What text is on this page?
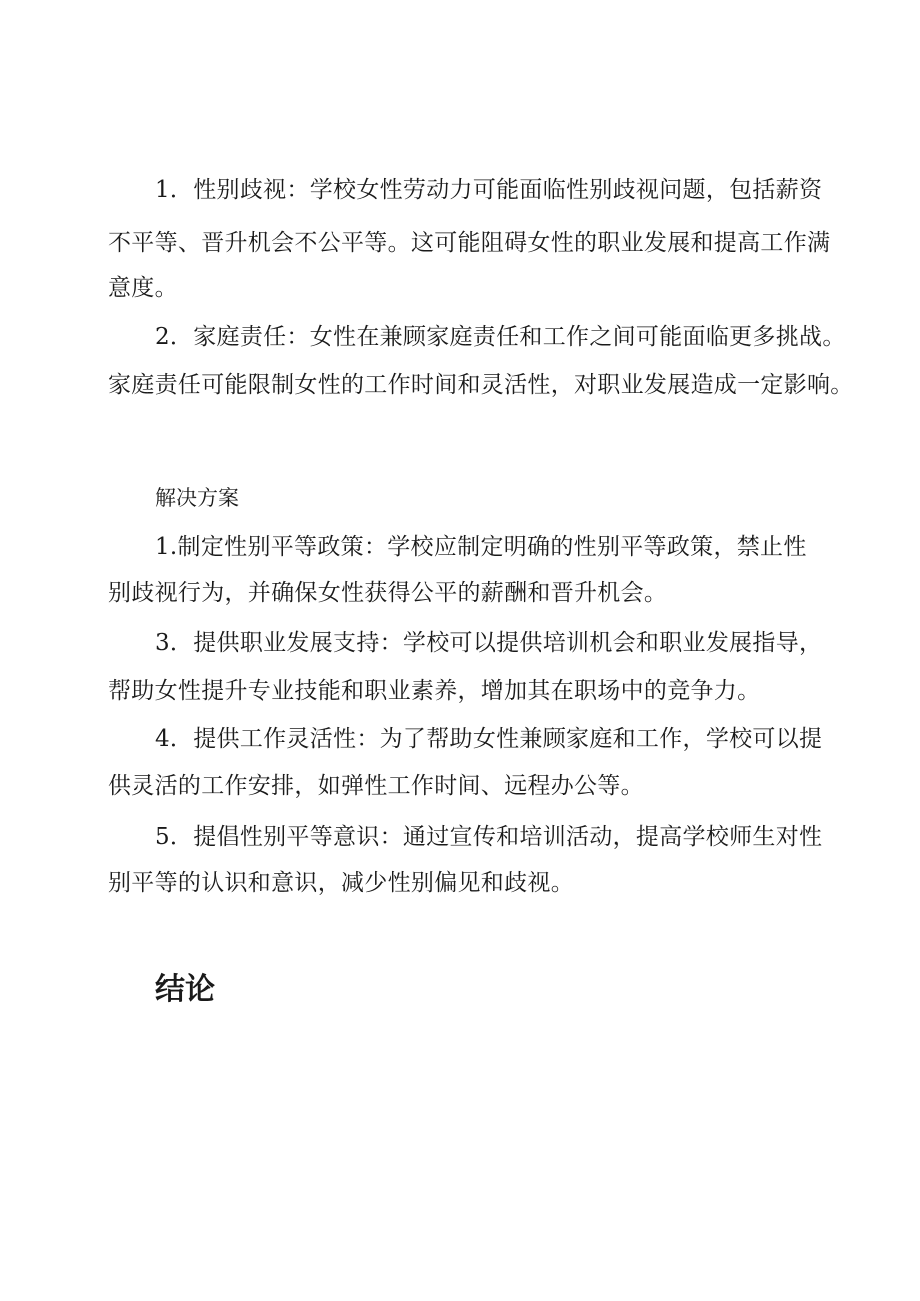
1．性别歧视：学校女性劳动力可能面临性别歧视问题，包括薪资
不平等、晋升机会不公平等。这可能阻碍女性的职业发展和提高工作满
意度。
2．家庭责任：女性在兼顾家庭责任和工作之间可能面临更多挑战。
家庭责任可能限制女性的工作时间和灵活性，对职业发展造成一定影响。
解决方案
1.制定性别平等政策：学校应制定明确的性别平等政策，禁止性
别歧视行为，并确保女性获得公平的薪酬和晋升机会。
3．提供职业发展支持：学校可以提供培训机会和职业发展指导，
帮助女性提升专业技能和职业素养，增加其在职场中的竞争力。
4．提供工作灵活性：为了帮助女性兼顾家庭和工作，学校可以提
供灵活的工作安排，如弹性工作时间、远程办公等。
5．提倡性别平等意识：通过宣传和培训活动，提高学校师生对性
别平等的认识和意识，减少性别偏见和歧视。
结论
